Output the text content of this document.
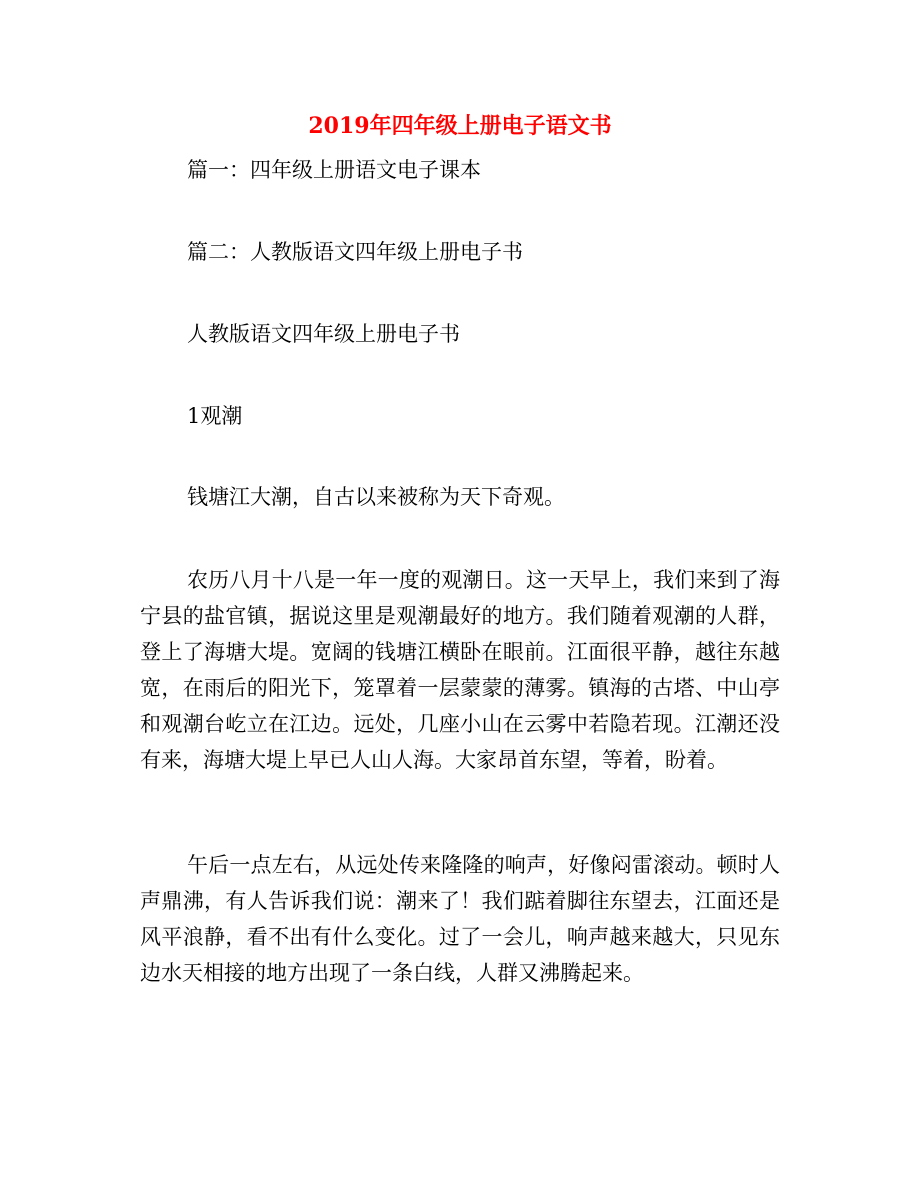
2019年四年级上册电子语文书
篇一：四年级上册语文电子课本
篇二：人教版语文四年级上册电子书
人教版语文四年级上册电子书
1观潮
钱塘江大潮，自古以来被称为天下奇观。
农历八月十八是一年一度的观潮日。这一天早上，我们来到了海宁县的盐官镇，据说这里是观潮最好的地方。我们随着观潮的人群，登上了海塘大堤。宽阔的钱塘江横卧在眼前。江面很平静，越往东越宽，在雨后的阳光下，笼罩着一层蒙蒙的薄雾。镇海的古塔、中山亭和观潮台屹立在江边。远处，几座小山在云雾中若隐若现。江潮还没有来，海塘大堤上早已人山人海。大家昂首东望，等着，盼着。
午后一点左右，从远处传来隆隆的响声，好像闷雷滚动。顿时人声鼎沸，有人告诉我们说：潮来了！我们踮着脚往东望去，江面还是风平浪静，看不出有什么变化。过了一会儿，响声越来越大，只见东边水天相接的地方出现了一条白线，人群又沸腾起来。
